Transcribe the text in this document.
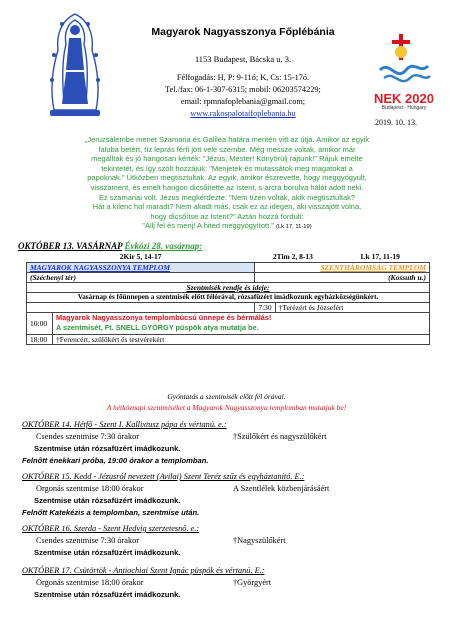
Magyarok Nagyasszonya Főplébánia
1153 Budapest, Bácska u. 3.
Félfogadás: H, P: 9-11ó; K, Cs: 15-17ó.
Tel./fax: 06-1-307-6315; mobil: 06203574229;
email: rpmnafoplebania@gmail.com;
www.rakospalotaifoplebania.hu
NEK 2020
Budapest · Hungary
2019. 10. 13.
„Jeruzsálembe menet Szamaria és Galilea határa mentén vitt az útja. Amikor az egyik
faluba betért, tíz leprás férfi jött vele szembe. Még messze voltak, amikor már
megálltak és jó hangosan kérték: "Jézus, Mester! Könyörülj rajtunk!" Rájuk emelte
tekintetét, és így szólt hozzájuk: "Menjetek és mutassátok meg magatokat a
papoknak." Útközben megtisztultak. Az egyik, amikor észrevette, hogy meggyógyult,
visszament, és emelt hangon dicsőítette az Istent, s arcra borulva hálát adott neki.
Ez szamariai volt. Jézus megkérdezte: "Nem tízen voltak, akik megtisztultak?
Hát a kilenc hol maradt? Nem akadt más, csak ez az idegen, aki visszajött volna,
hogy dicsőítse az Istent?" Aztán hozzá fordult:
"Állj fel és menj! A hited meggyógyított." (Lk 17, 11-19)
OKTÓBER 13. VASÁRNAP Évközi 28. vasárnap:
2Kir 5, 14-17		2Tim 2, 8-13		Lk 17, 11-19
MAGYAROK NAGYASSZONYA TEMPLOM		SZENTHÁROMSÁG TEMPLOM		
(Széchenyi tér)		(Kossuth u.)		
Szentmisék rendje és ideje:				
Vasárnap és főünnepen a szentmisék előtt félórával, rózsafüzért imádkozunk egyházközségünkért.				
		7:30	†Terézért és Józsefért	
10:00	Magyarok Nagyasszonya templombúcsú ünnepe és bérmálás!
A szentmisét, Ft. SNELL GYÖRGY püspök atya mutatja be.			

18:00	†Ferencért, szülőkért és testvérekért			
Gyóntatás a szentmisék előtt fél órával.
A hétköznapi szentmiséket a Magyarok Nagyasszonya templomban mutatjuk be!
OKTÓBER 14. Hétfő - Szent I. Kallixtusz pápa és vértanú. e.:
Csendes szentmise 7:30 órakor	†Szülőkért és nagyszülőkért
Szentmise után rózsafüzért imádkozunk.
Felnőtt énekkari próba, 19:00 órakor a templomban.
OKTÓBER 15. Kedd - Jézusról nevezett (Avilai) Szent Teréz szűz és egyháztanító. E.:
Orgonás szentmise 18:00 órakor	A Szentlélek közbenjárásáért
Szentmise után rózsafüzért imádkozunk.
Felnőtt Katekézis a templomban, szentmise után.
OKTÓBER 16. Szerda - Szent Hedvig szerzetesnő. e.:
Csendes szentmise 7:30 órakor	†Nagyszülőkért
Szentmise után rózsafüzért imádkozunk.
OKTÓBER 17. Csütörtök - Antiochiai Szent Ignác püspök és vértanú. E.:
Orgonás szentmise 18:00 órakor	†Györgyért
Szentmise után rózsafüzért imádkozunk.
